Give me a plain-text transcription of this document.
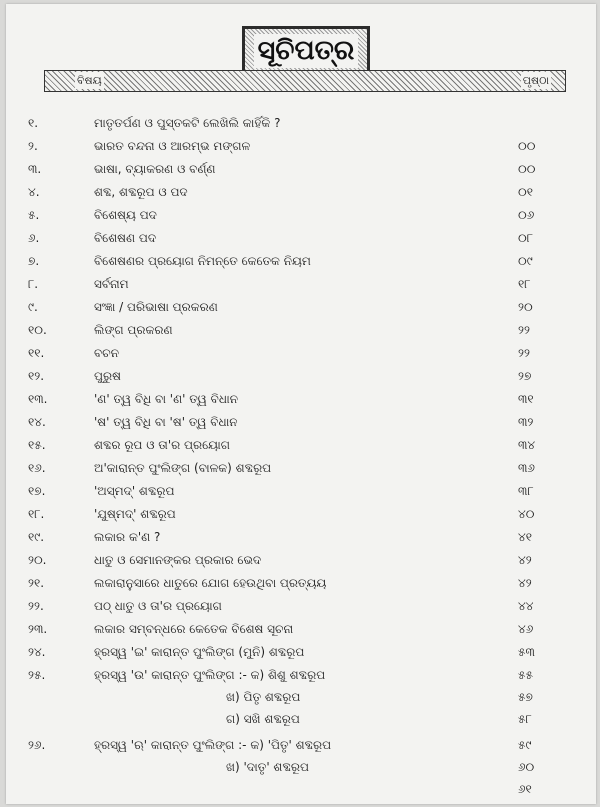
ସୂଚିପତ୍ର
ବିଷୟ	ପୃଷ୍ଠା
୧.	ମାତୃତର୍ପଣ ଓ ପୁସ୍ତକଟି ଲେଖିଲି କାହିଁକି ?
୨.	ଭାରତ ବନ୍ଦନା ଓ ଆରମ୍ଭ ମଙ୍ଗଳ	୦୦
୩.	ଭାଷା, ବ୍ୟାକରଣ ଓ ବର୍ଣ୍ଣ	୦୦
୪.	ଶବ୍ଦ, ଶବ୍ଦରୂପ ଓ ପଦ	୦୧
୫.	ବିଶେଷ୍ୟ ପଦ	୦୬
୬.	ବିଶେଷଣ ପଦ	୦୮
୭.	ବିଶେଷଣର ପ୍ରୟୋଗ ନିମନ୍ତେ କେତେକ ନିୟମ	୦୯
୮.	ସର୍ବନାମ	୧୮
୯.	ସଂଜ୍ଞା / ପରିଭାଷା ପ୍ରକରଣ	୨୦
୧୦.	ଲିଙ୍ଗ ପ୍ରକରଣ	୨୨
୧୧.	ବଚନ	୨୨
୧୨.	ପୁରୁଷ	୨୭
୧୩.	'ଣ' ତ୍ୱ ବିଧି ବା 'ଣ' ତ୍ୱ ବିଧାନ	୩୧
୧୪.	'ଷ' ତ୍ୱ ବିଧି ବା 'ଷ' ତ୍ୱ ବିଧାନ	୩୨
୧୫.	ଶବ୍ଦର ରୂପ ଓ ତା'ର ପ୍ରୟୋଗ	୩୪
୧୬.	ଅ'କାରାନ୍ତ ପୁଂଲିଙ୍ଗ (ବାଳକ) ଶବ୍ଦରୂପ	୩୬
୧୭.	'ଅସ୍ମଦ୍' ଶବ୍ଦରୂପ	୩୮
୧୮.	'ଯୁଷ୍ମଦ୍' ଶବ୍ଦରୂପ	୪୦
୧୯.	ଲକାର କ'ଣ ?	୪୧
୨୦.	ଧାତୁ ଓ ସେମାନଙ୍କର ପ୍ରକାର ଭେଦ	୪୨
୨୧.	ଲକାରାନୁସାରେ ଧାତୁରେ ଯୋଗ ହେଉଥିବା ପ୍ରତ୍ୟୟ	୪୨
୨୨.	ପଠ୍ ଧାତୁ ଓ ତା'ର ପ୍ରୟୋଗ	୪୪
୨୩.	ଲକାର ସମ୍ବନ୍ଧରେ କେତେକ ବିଶେଷ ସୂଚନା	୪୬
୨୪.	ହ୍ରସ୍ୱ 'ଇ' କାରାନ୍ତ ପୁଂଲିଙ୍ଗ (ମୁନି) ଶବ୍ଦରୂପ	୫୩
୨୫.	ହ୍ରସ୍ୱ 'ଉ' କାରାନ୍ତ ପୁଂଲିଙ୍ଗ :- କ) ଶିଶୁ ଶବ୍ଦରୂପ	୫୫
ଖ) ପିତୃ ଶବ୍ଦରୂପ	୫୭
ଗ) ସଖି ଶବ୍ଦରୂପ	୫୮
୨୬.	ହ୍ରସ୍ୱ 'ଋ' କାରାନ୍ତ ପୁଂଲିଙ୍ଗ :- କ) 'ପିତୃ' ଶବ୍ଦରୂପ	୫୯
ଖ) 'ଦାତୃ' ଶବ୍ଦରୂପ	୬୦
୬୧
